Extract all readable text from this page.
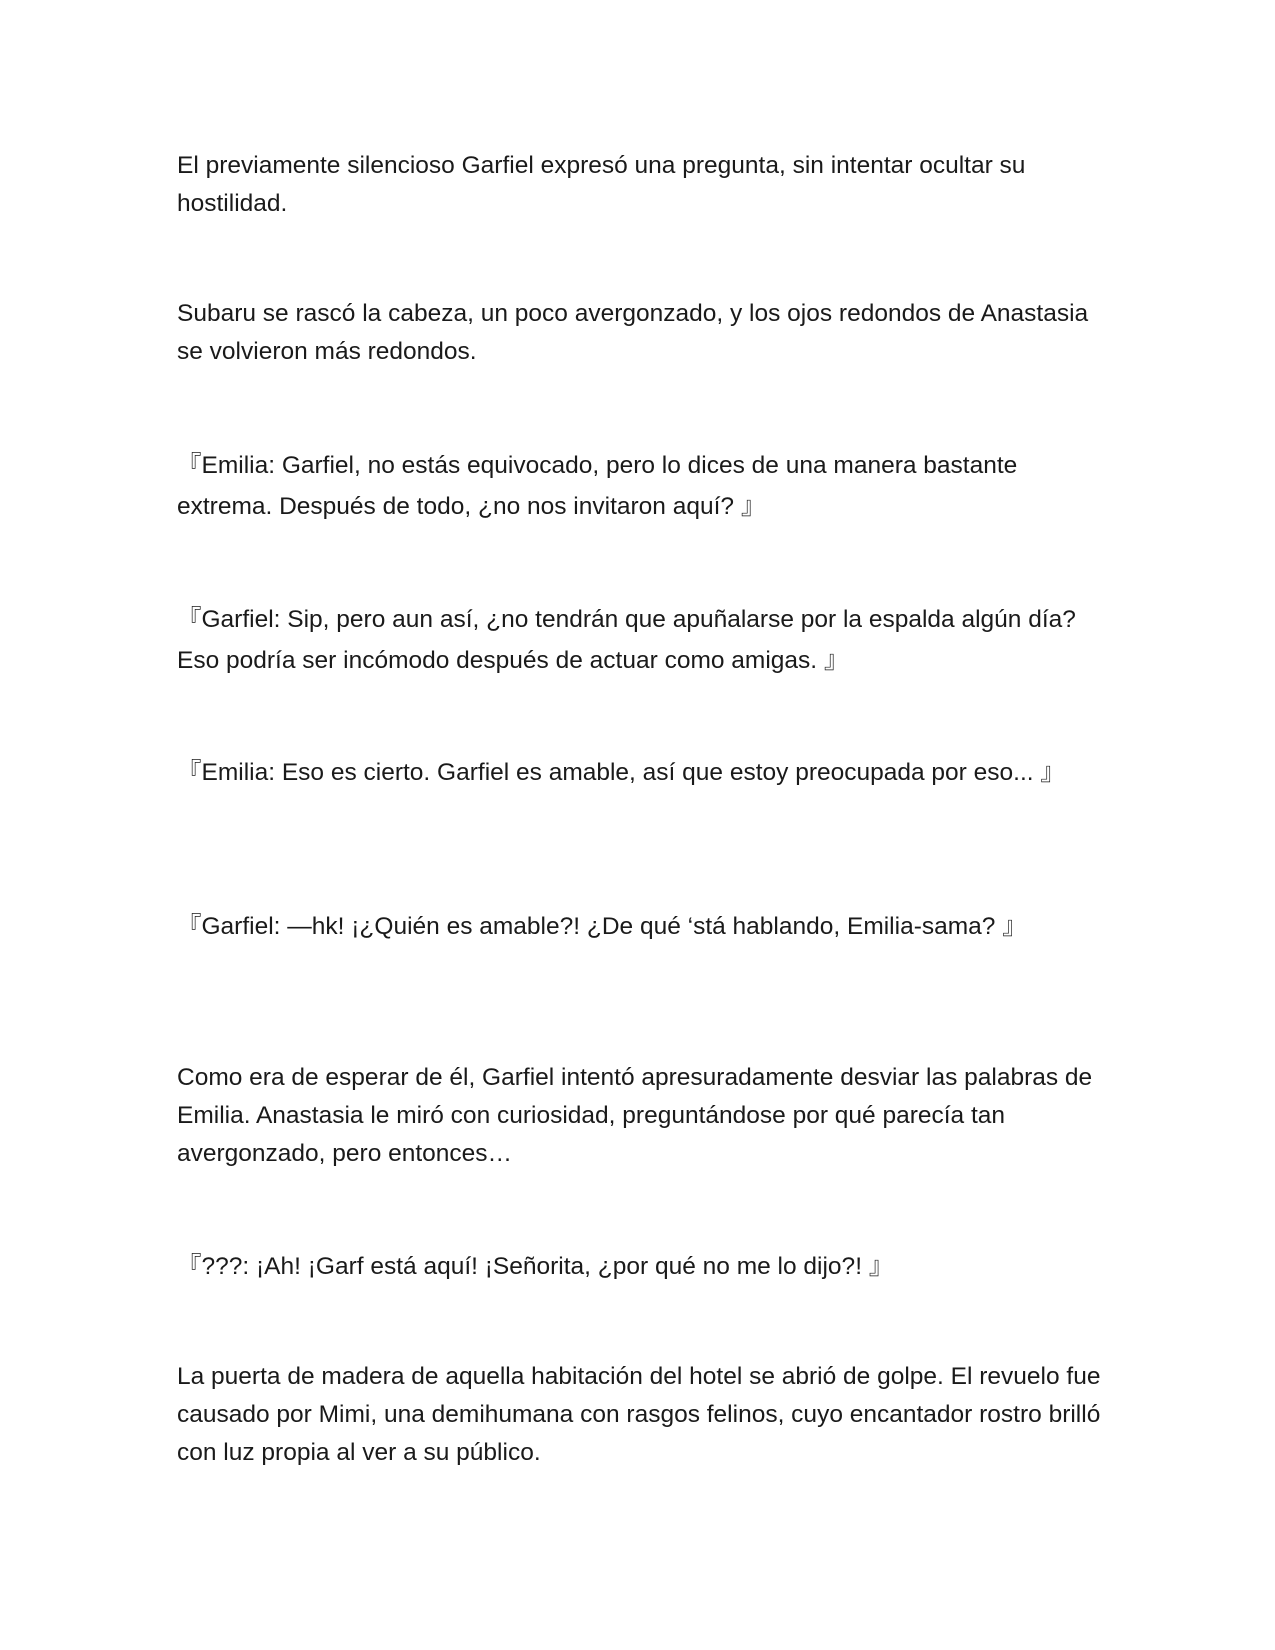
El previamente silencioso Garfiel expresó una pregunta, sin intentar ocultar su hostilidad.

Subaru se rascó la cabeza, un poco avergonzado, y los ojos redondos de Anastasia se volvieron más redondos.

『Emilia: Garfiel, no estás equivocado, pero lo dices de una manera bastante extrema. Después de todo, ¿no nos invitaron aquí? 』

『Garfiel: Sip, pero aun así, ¿no tendrán que apuñalarse por la espalda algún día? Eso podría ser incómodo después de actuar como amigas. 』

『Emilia: Eso es cierto. Garfiel es amable, así que estoy preocupada por eso... 』

『Garfiel: —hk! ¡¿Quién es amable?! ¿De qué ‘stá hablando, Emilia-sama? 』

Como era de esperar de él, Garfiel intentó apresuradamente desviar las palabras de Emilia. Anastasia le miró con curiosidad, preguntándose por qué parecía tan avergonzado, pero entonces…

『???: ¡Ah! ¡Garf está aquí! ¡Señorita, ¿por qué no me lo dijo?! 』

La puerta de madera de aquella habitación del hotel se abrió de golpe. El revuelo fue causado por Mimi, una demihumana con rasgos felinos, cuyo encantador rostro brilló con luz propia al ver a su público.
